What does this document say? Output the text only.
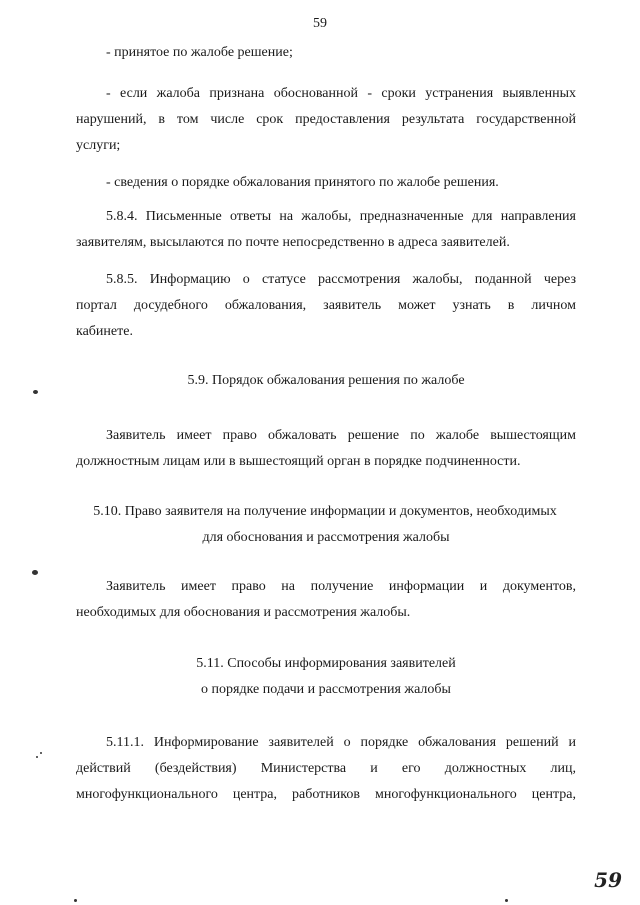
59
- принятое по жалобе решение;
- если жалоба признана обоснованной - сроки устранения выявленных
нарушений, в том числе срок предоставления результата государственной
услуги;
- сведения о порядке обжалования принятого по жалобе решения.
5.8.4. Письменные ответы на жалобы, предназначенные для направления
заявителям, высылаются по почте непосредственно в адреса заявителей.
5.8.5. Информацию о статусе рассмотрения жалобы, поданной через
портал досудебного обжалования, заявитель может узнать в личном
кабинете.
5.9. Порядок обжалования решения по жалобе
Заявитель имеет право обжаловать решение по жалобе вышестоящим
должностным лицам или в вышестоящий орган в порядке подчиненности.
5.10. Право заявителя на получение информации и документов, необходимых
для обоснования и рассмотрения жалобы
Заявитель имеет право на получение информации и документов,
необходимых для обоснования и рассмотрения жалобы.
5.11. Способы информирования заявителей
о порядке подачи и рассмотрения жалобы
5.11.1. Информирование заявителей о порядке обжалования решений и
действий (бездействия) Министерства и его должностных лиц,
многофункционального центра, работников многофункционального центра,
59
